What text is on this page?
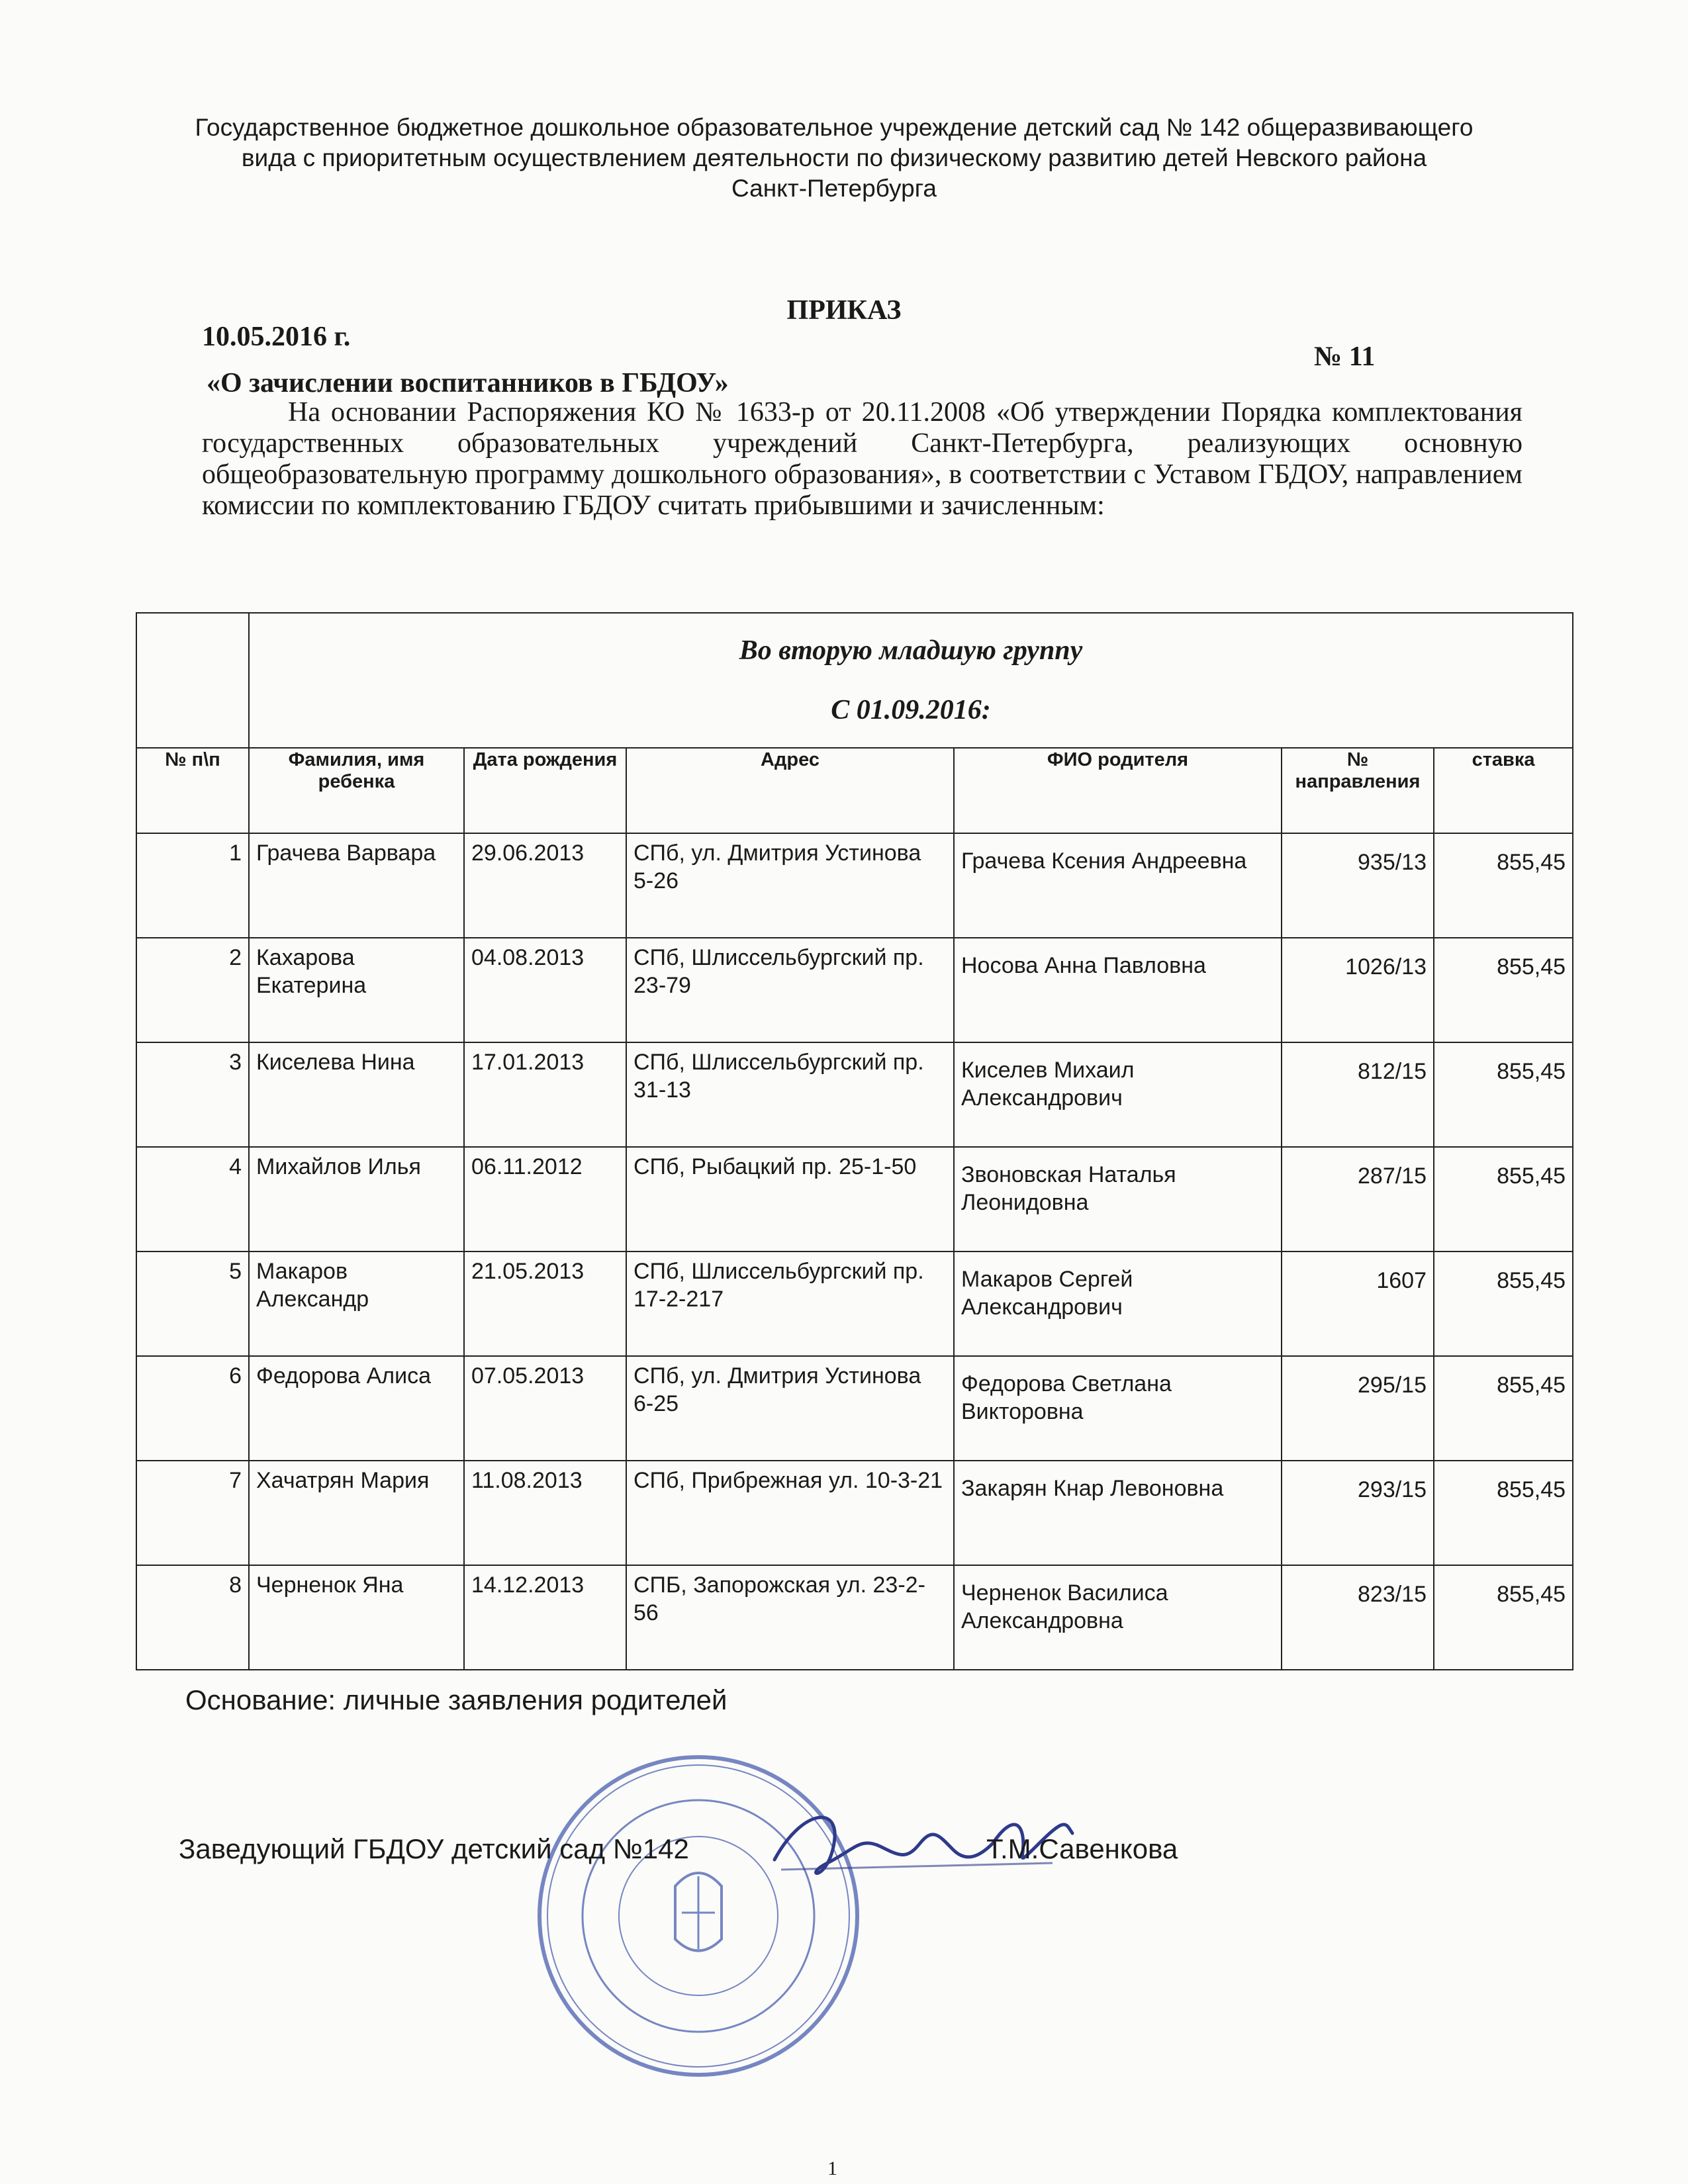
Государственное бюджетное дошкольное образовательное учреждение детский сад № 142 общеразвивающего
вида с приоритетным осуществлением деятельности по физическому развитию детей Невского района
Санкт-Петербурга
ПРИКАЗ
10.05.2016 г.
№ 11
«О зачислении воспитанников в ГБДОУ»
На основании Распоряжения КО № 1633-р от 20.11.2008 «Об утверждении Порядка комплектования государственных образовательных учреждений Санкт-Петербурга, реализующих основную общеобразовательную программу дошкольного образования», в соответствии с Уставом ГБДОУ, направлением комиссии по комплектованию ГБДОУ считать прибывшими и зачисленным:

	Во вторую младшую группу
С 01.09.2016:					

№ п\п	Фамилия, имя ребенка	Дата рождения	Адрес	ФИО родителя	№ направления	ставка
1	Грачева Варвара	29.06.2013	СПб, ул. Дмитрия Устинова 5-26	Грачева Ксения Андреевна	935/13	855,45
2	Кахарова Екатерина	04.08.2013	СПб, Шлиссельбургский пр. 23-79	Носова Анна Павловна	1026/13	855,45
3	Киселева Нина	17.01.2013	СПб, Шлиссельбургский пр. 31-13	Киселев Михаил Александрович	812/15	855,45
4	Михайлов Илья	06.11.2012	СПб, Рыбацкий пр. 25-1-50	Звоновская Наталья Леонидовна	287/15	855,45
5	Макаров Александр	21.05.2013	СПб, Шлиссельбургский пр. 17-2-217	Макаров Сергей Александрович	1607	855,45
6	Федорова Алиса	07.05.2013	СПб, ул. Дмитрия Устинова 6-25	Федорова Светлана Викторовна	295/15	855,45
7	Хачатрян Мария	11.08.2013	СПб, Прибрежная ул. 10-3-21	Закарян Кнар Левоновна	293/15	855,45
8	Черненок Яна	14.12.2013	СПБ, Запорожская ул. 23-2-56	Черненок Василиса Александровна	823/15	855,45
Основание: личные заявления родителей
Заведующий ГБДОУ детский сад №142	Т.М.Савенкова
1
